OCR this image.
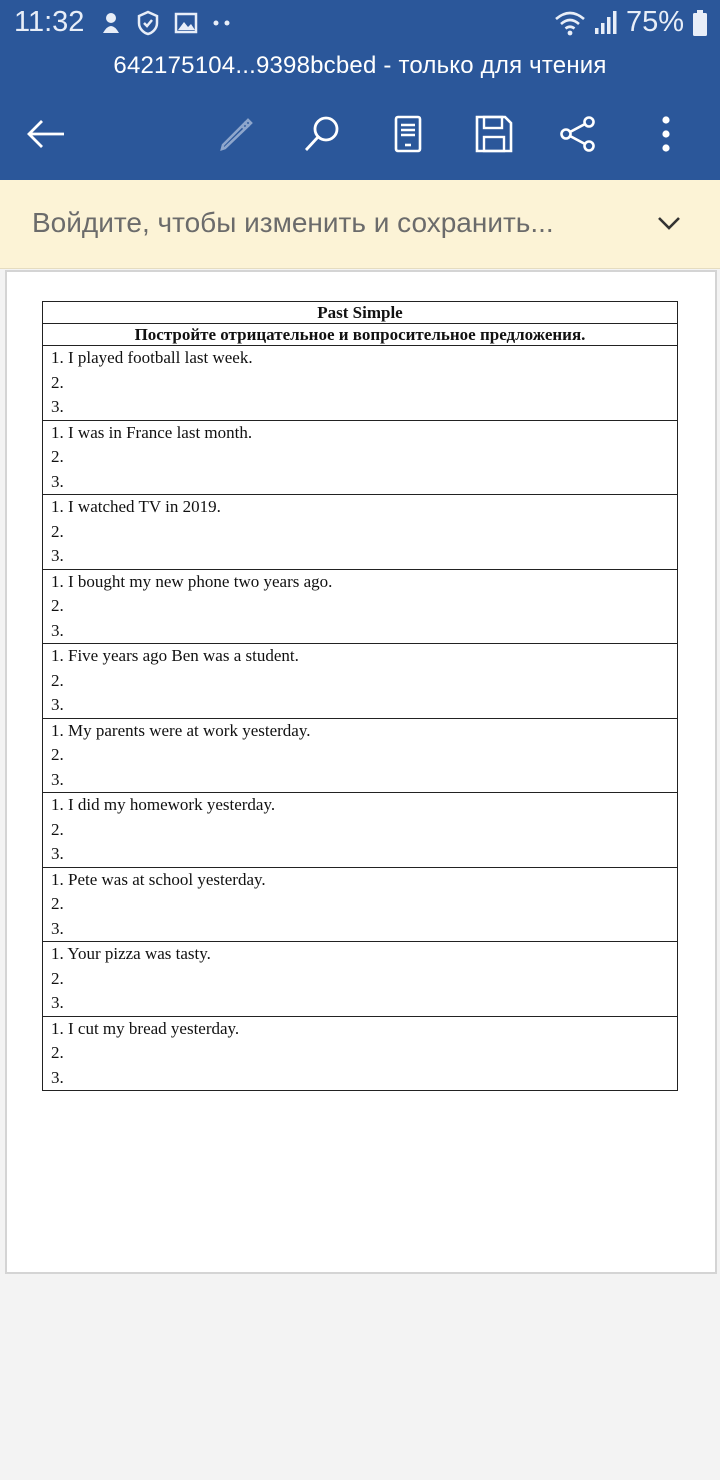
11:32	75%
642175104...9398bcbed - только для чтения
Войдите, чтобы изменить и сохранить...
Past Simple
Постройте отрицательное и вопросительное предложения.

1. I played football last week.
2.
3.

1. I was in France last month.
2.
3.

1. I watched TV in 2019.
2.
3.

1. I bought my new phone two years ago.
2.
3.

1. Five years ago Ben was a student.
2.
3.

1. My parents were at work yesterday.
2.
3.

1. I did my homework yesterday.
2.
3.

1. Pete was at school yesterday.
2.
3.

1. Your pizza was tasty.
2.
3.

1. I cut my bread yesterday.
2.
3.
